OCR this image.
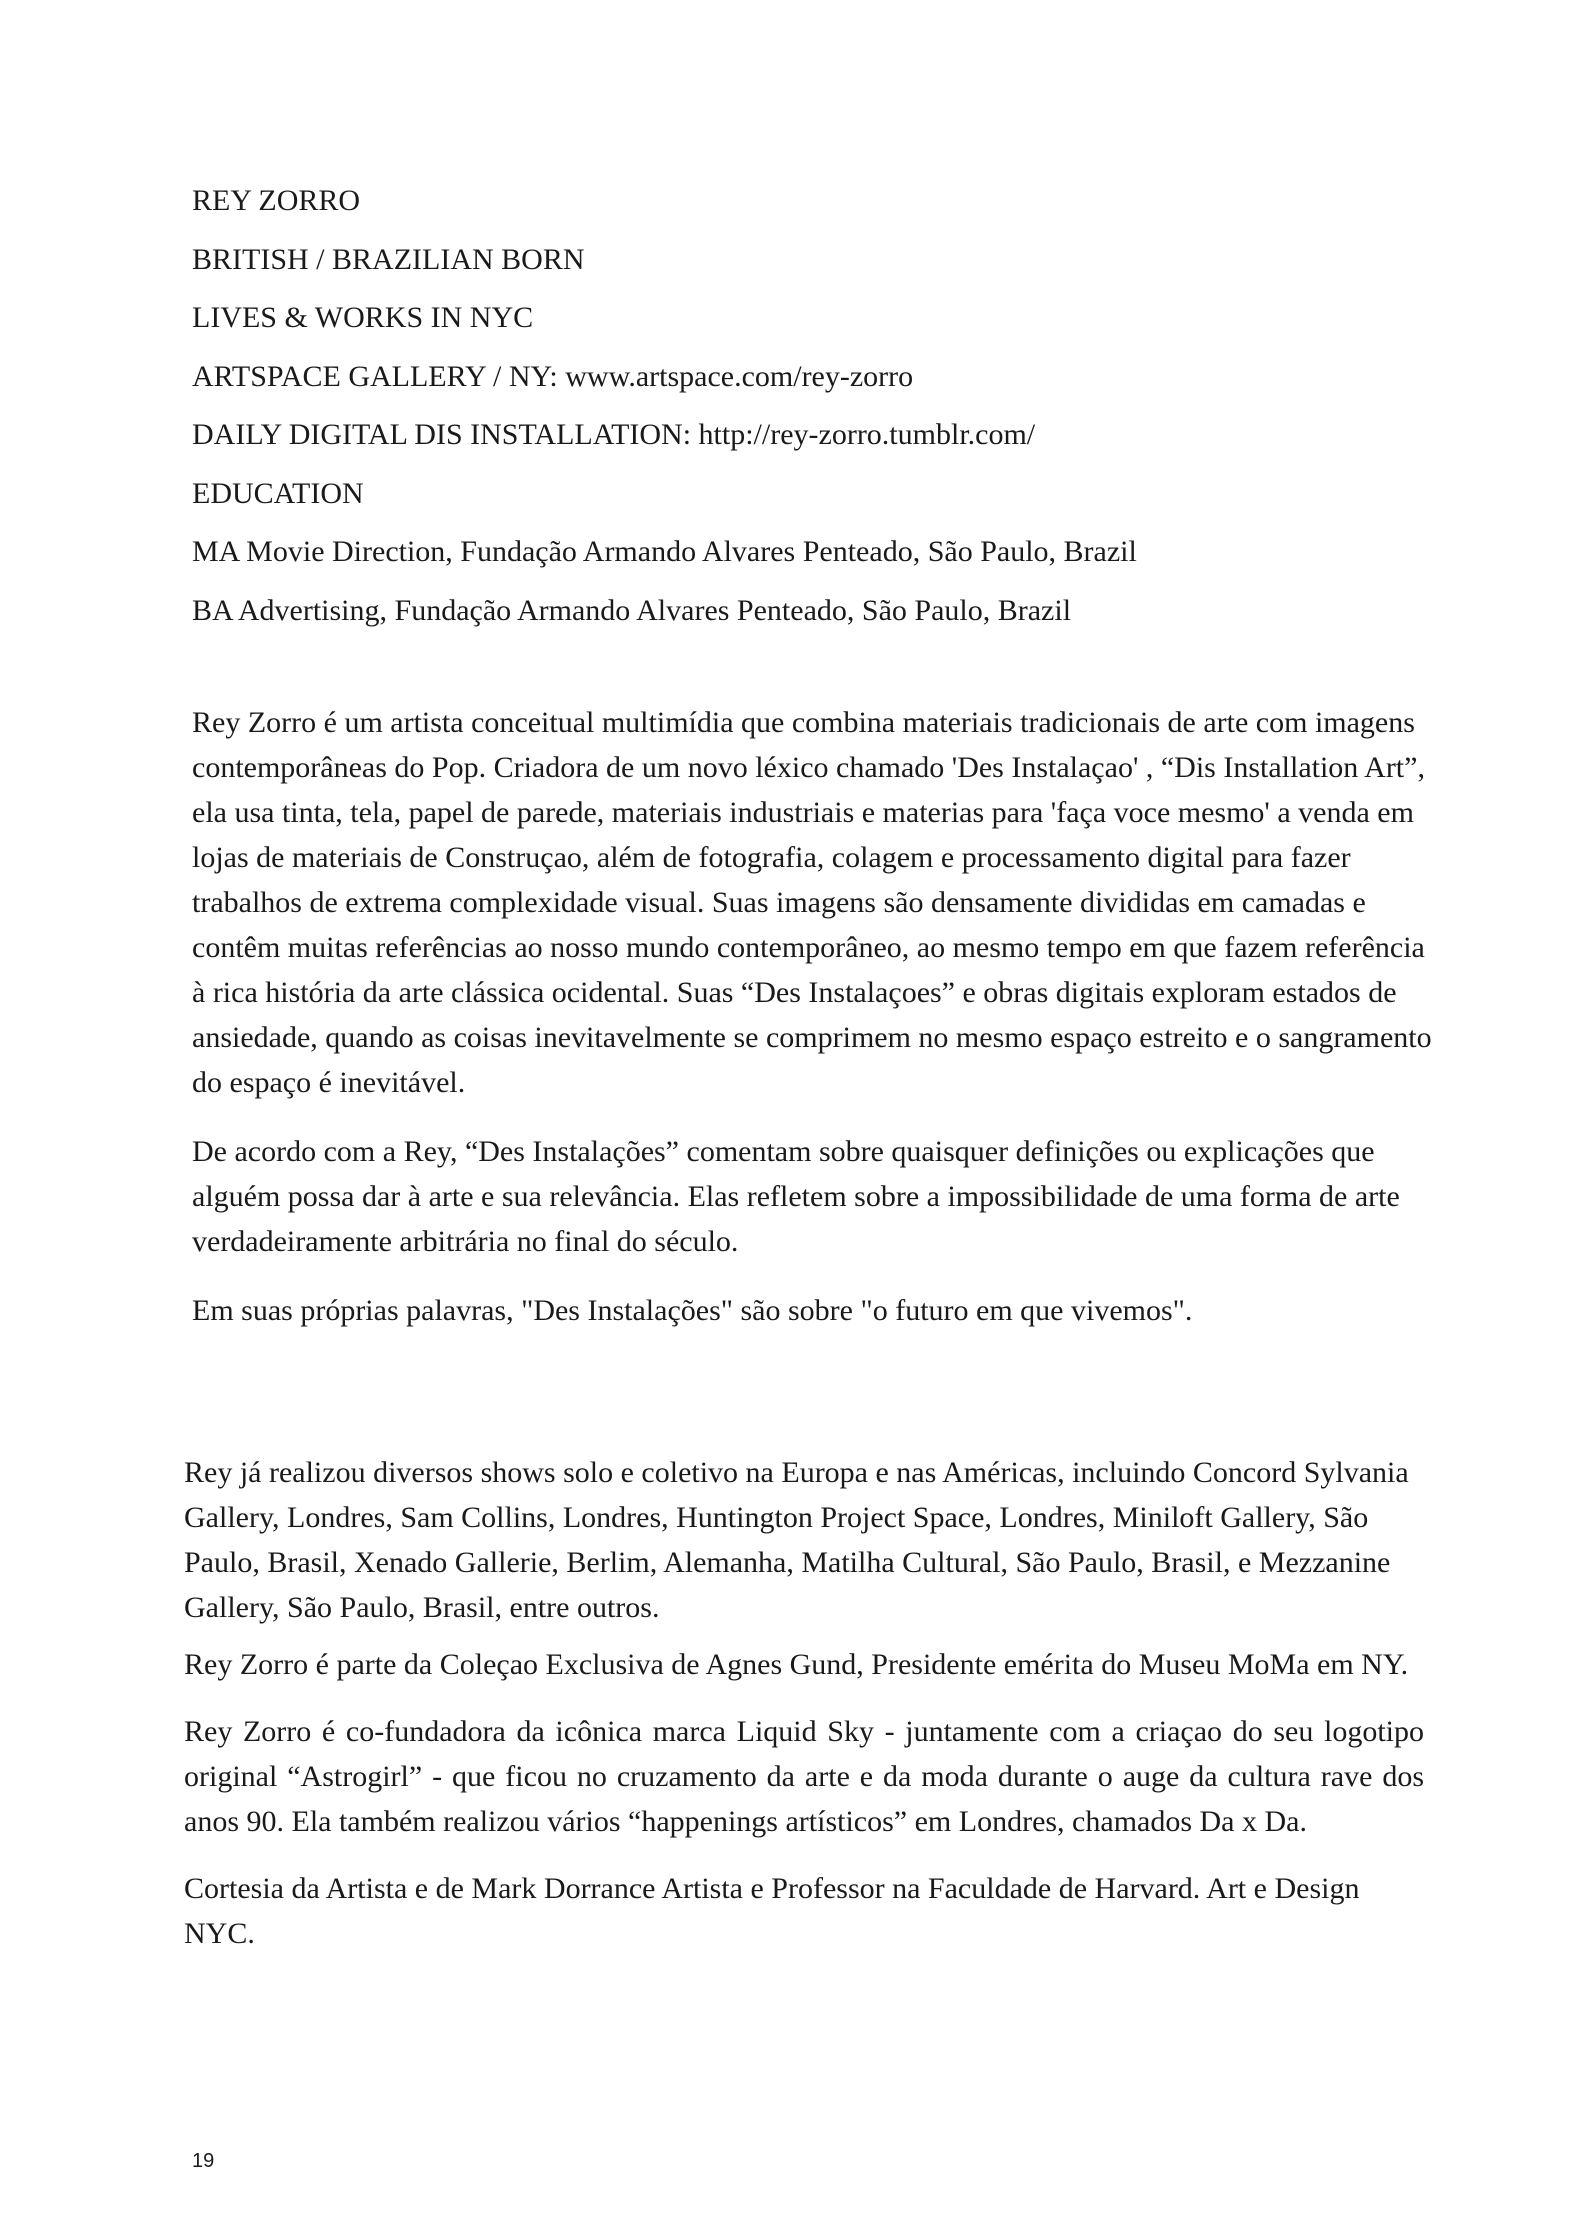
REY ZORRO
BRITISH / BRAZILIAN BORN
LIVES & WORKS IN NYC
ARTSPACE GALLERY / NY: www.artspace.com/rey-zorro
DAILY DIGITAL DIS INSTALLATION: http://rey-zorro.tumblr.com/
EDUCATION
MA Movie Direction, Fundação Armando Alvares Penteado, São Paulo, Brazil
BA Advertising, Fundação Armando Alvares Penteado, São Paulo, Brazil

Rey Zorro é um artista conceitual multimídia que combina materiais tradicionais de arte com imagens contemporâneas do Pop. Criadora de um novo léxico chamado 'Des Instalaçao' , “Dis Installation Art”, ela usa tinta, tela, papel de parede, materiais industriais e materias para 'faça voce mesmo' a venda em lojas de materiais de Construçao, além de fotografia, colagem e processamento digital para fazer trabalhos de extrema complexidade visual. Suas imagens são densamente divididas em camadas e contêm muitas referências ao nosso mundo contemporâneo, ao mesmo tempo em que fazem referência à rica história da arte clássica ocidental. Suas “Des Instalaçoes” e obras digitais exploram estados de ansiedade, quando as coisas inevitavelmente se comprimem no mesmo espaço estreito e o sangramento do espaço é inevitável.

De acordo com a Rey, “Des Instalações” comentam sobre quaisquer definições ou explicações que alguém possa dar à arte e sua relevância. Elas refletem sobre a impossibilidade de uma forma de arte verdadeiramente arbitrária no final do século.

Em suas próprias palavras, "Des Instalações" são sobre "o futuro em que vivemos".

Rey já realizou diversos shows solo e coletivo na Europa e nas Américas, incluindo Concord Sylvania Gallery, Londres, Sam Collins, Londres, Huntington Project Space, Londres, Miniloft Gallery, São Paulo, Brasil, Xenado Gallerie, Berlim, Alemanha, Matilha Cultural, São Paulo, Brasil, e Mezzanine Gallery, São Paulo, Brasil, entre outros.

Rey Zorro é parte da Coleçao Exclusiva de Agnes Gund, Presidente emérita do Museu MoMa em NY.

Rey Zorro é co-fundadora da icônica marca Liquid Sky - juntamente com a criaçao do seu logotipo original “Astrogirl” - que ficou no cruzamento da arte e da moda durante o auge da cultura rave dos anos 90. Ela também realizou vários “happenings artísticos” em Londres, chamados Da x Da.

Cortesia da Artista e de Mark Dorrance Artista e Professor na Faculdade de Harvard. Art e Design NYC.

19
